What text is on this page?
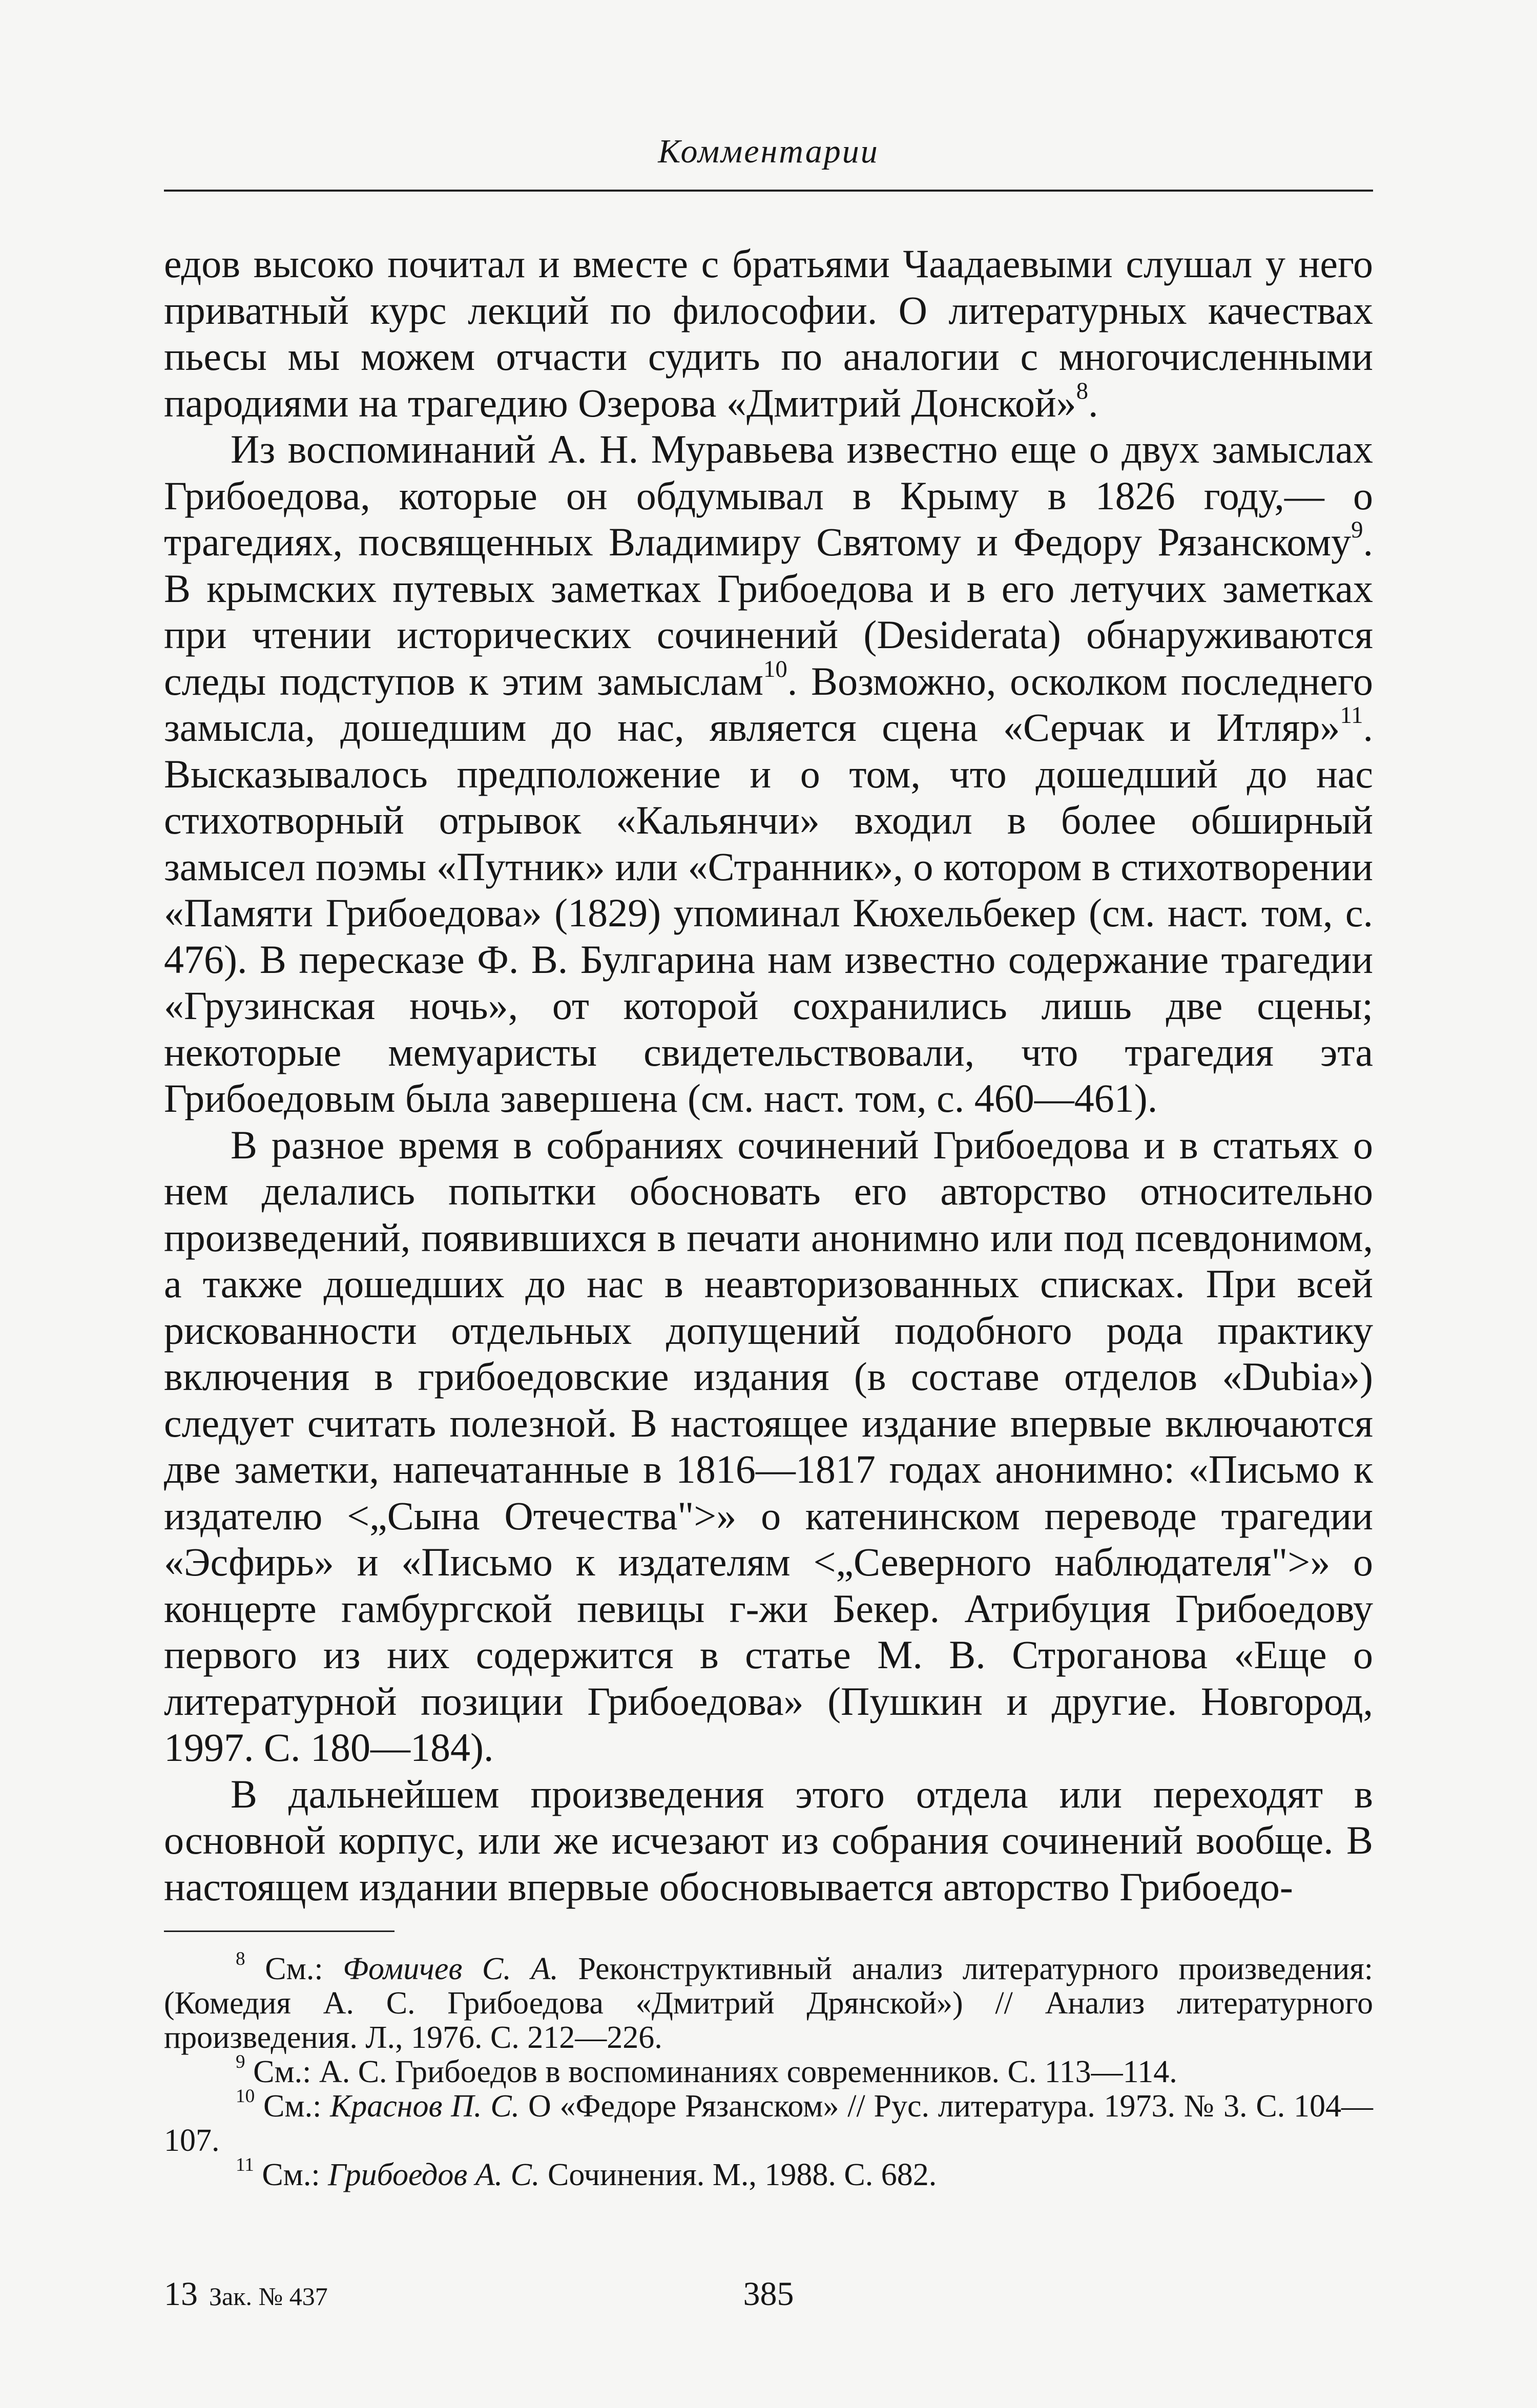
Комментарии

едов высоко почитал и вместе с братьями Чаадаевыми слушал у него приватный курс лекций по философии. О литературных качествах пьесы мы можем отчасти судить по аналогии с многочисленными пародиями на трагедию Озерова «Дмитрий Донской»$^8$.

Из воспоминаний А. Н. Муравьева известно еще о двух замыслах Грибоедова, которые он обдумывал в Крыму в 1826 году,— о трагедиях, посвященных Владимиру Святому и Федору Рязанскому$^9$. В крымских путевых заметках Грибоедова и в его летучих заметках при чтении исторических сочинений (Desiderata) обнаруживаются следы подступов к этим замыслам$^{10}$. Возможно, осколком последнего замысла, дошедшим до нас, является сцена «Серчак и Итляр»$^{11}$. Высказывалось предположение и о том, что дошедший до нас стихотворный отрывок «Кальянчи» входил в более обширный замысел поэмы «Путник» или «Странник», о котором в стихотворении «Памяти Грибоедова» (1829) упоминал Кюхельбекер (см. наст. том, с. 476). В пересказе Ф. В. Булгарина нам известно содержание трагедии «Грузинская ночь», от которой сохранились лишь две сцены; некоторые мемуаристы свидетельствовали, что трагедия эта Грибоедовым была завершена (см. наст. том, с. 460—461).

В разное время в собраниях сочинений Грибоедова и в статьях о нем делались попытки обосновать его авторство относительно произведений, появившихся в печати анонимно или под псевдонимом, а также дошедших до нас в неавторизованных списках. При всей рискованности отдельных допущений подобного рода практику включения в грибоедовские издания (в составе отделов «Dubia») следует считать полезной. В настоящее издание впервые включаются две заметки, напечатанные в 1816—1817 годах анонимно: «Письмо к издателю <„Сына Отечества">» о катенинском переводе трагедии «Эсфирь» и «Письмо к издателям <„Северного наблюдателя">» о концерте гамбургской певицы г-жи Бекер. Атрибуция Грибоедову первого из них содержится в статье М. В. Строганова «Еще о литературной позиции Грибоедова» (Пушкин и другие. Новгород, 1997. С. 180—184).

В дальнейшем произведения этого отдела или переходят в основной корпус, или же исчезают из собрания сочинений вообще. В настоящем издании впервые обосновывается авторство Грибоедо-

$^8$ См.: Фомичев С. А. Реконструктивный анализ литературного произведения: (Комедия А. С. Грибоедова «Дмитрий Дрянской») // Анализ литературного произведения. Л., 1976. С. 212—226.

$^9$ См.: А. С. Грибоедов в воспоминаниях современников. С. 113—114.

$^{10}$ См.: Краснов П. С. О «Федоре Рязанском» // Рус. литература. 1973. № 3. С. 104—107.

$^{11}$ См.: Грибоедов А. С. Сочинения. М., 1988. С. 682.

13 Зак. № 437	385
